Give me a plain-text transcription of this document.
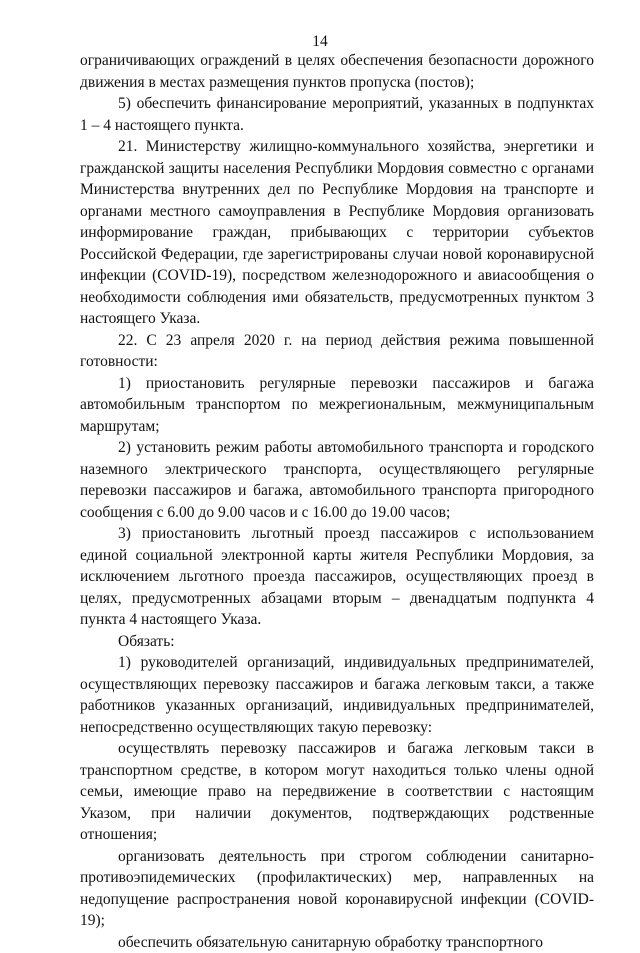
14

ограничивающих ограждений в целях обеспечения безопасности дорожного движения в местах размещения пунктов пропуска (постов);

5) обеспечить финансирование мероприятий, указанных в подпунктах 1 – 4 настоящего пункта.

21. Министерству жилищно-коммунального хозяйства, энергетики и гражданской защиты населения Республики Мордовия совместно с органами Министерства внутренних дел по Республике Мордовия на транспорте и органами местного самоуправления в Республике Мордовия организовать информирование граждан, прибывающих с территории субъектов Российской Федерации, где зарегистрированы случаи новой коронавирусной инфекции (COVID-19), посредством железнодорожного и авиасообщения о необходимости соблюдения ими обязательств, предусмотренных пунктом 3 настоящего Указа.

22. С 23 апреля 2020 г. на период действия режима повышенной готовности:

1) приостановить регулярные перевозки пассажиров и багажа автомобильным транспортом по межрегиональным, межмуниципальным маршрутам;

2) установить режим работы автомобильного транспорта и городского наземного электрического транспорта, осуществляющего регулярные перевозки пассажиров и багажа, автомобильного транспорта пригородного сообщения с 6.00 до 9.00 часов и с 16.00 до 19.00 часов;

3) приостановить льготный проезд пассажиров с использованием единой социальной электронной карты жителя Республики Мордовия, за исключением льготного проезда пассажиров, осуществляющих проезд в целях, предусмотренных абзацами вторым – двенадцатым подпункта 4 пункта 4 настоящего Указа.

Обязать:

1) руководителей организаций, индивидуальных предпринимателей, осуществляющих перевозку пассажиров и багажа легковым такси, а также работников указанных организаций, индивидуальных предпринимателей, непосредственно осуществляющих такую перевозку:

осуществлять перевозку пассажиров и багажа легковым такси в транспортном средстве, в котором могут находиться только члены одной семьи, имеющие право на передвижение в соответствии с настоящим Указом, при наличии документов, подтверждающих родственные отношения;

организовать деятельность при строгом соблюдении санитарно-противоэпидемических (профилактических) мер, направленных на недопущение распространения новой коронавирусной инфекции (COVID-19);

обеспечить обязательную санитарную обработку транспортного
